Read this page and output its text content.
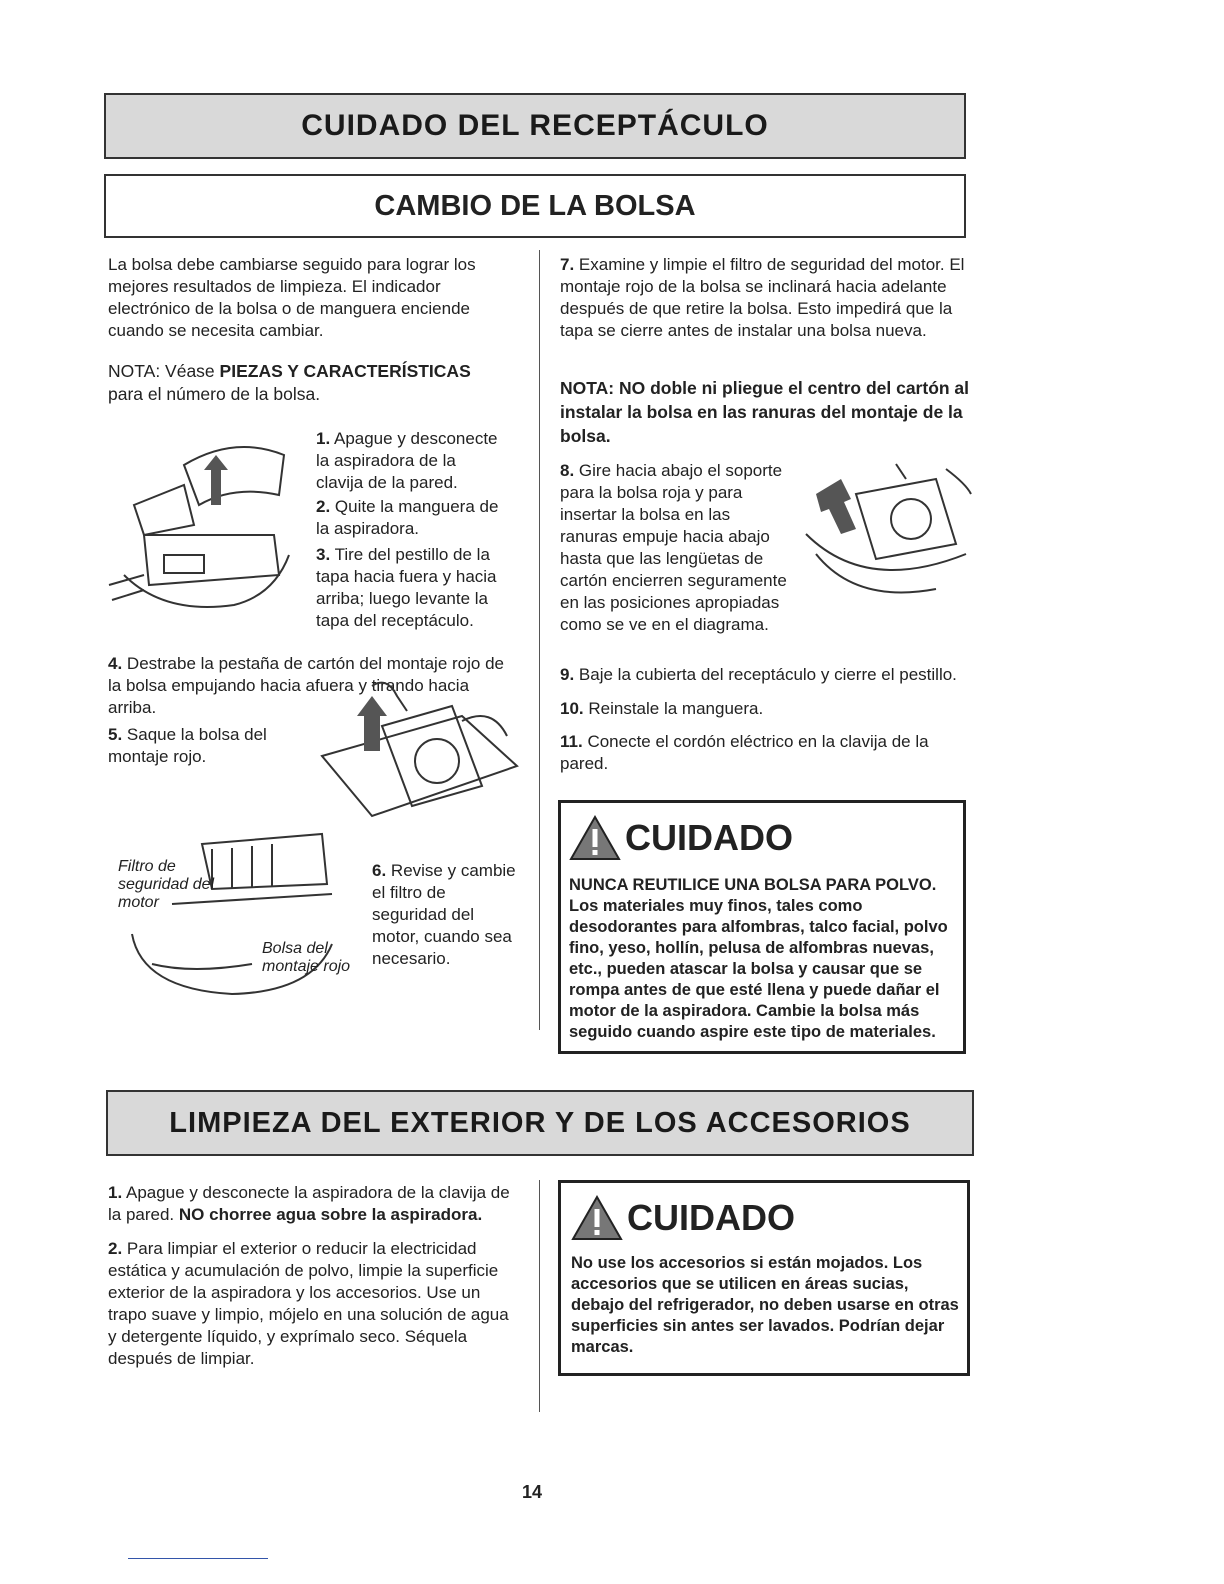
CUIDADO DEL RECEPTÁCULO
CAMBIO DE LA BOLSA

La bolsa debe cambiarse seguido para lograr los mejores resultados de limpieza. El indicador electrónico de la bolsa o de manguera enciende cuando se necesita cambiar.

NOTA: Véase PIEZAS Y CARACTERÍSTICAS para el número de la bolsa.

1. Apague y desconecte la aspiradora de la clavija de la pared.

2. Quite la manguera de la aspiradora.

3. Tire del pestillo de la tapa hacia fuera y hacia arriba; luego levante la tapa del receptáculo.

4. Destrabe la pestaña de cartón del montaje rojo de la bolsa empujando hacia afuera y tirando hacia arriba.

5. Saque la bolsa del montaje rojo.

Filtro de seguridad del motor

Bolsa del montaje rojo

6. Revise y cambie el filtro de seguridad del motor, cuando sea necesario.

7. Examine y limpie el filtro de seguridad del motor. El montaje rojo de la bolsa se inclinará hacia adelante después de que retire la bolsa. Esto impedirá que la tapa se cierre antes de instalar una bolsa nueva.

NOTA: NO doble ni pliegue el centro del cartón al instalar la bolsa en las ranuras del montaje de la bolsa.

8. Gire hacia abajo el soporte para la bolsa roja y para insertar la bolsa en las ranuras empuje hacia abajo hasta que las lengüetas de cartón encierren seguramente en las posiciones apropiadas como se ve en el diagrama.

9. Baje la cubierta del receptáculo y cierre el pestillo.

10. Reinstale la manguera.

11. Conecte el cordón eléctrico en la clavija de la pared.

CUIDADO

NUNCA REUTILICE UNA BOLSA PARA POLVO.

Los materiales muy finos, tales como desodorantes para alfombras, talco facial, polvo fino, yeso, hollín, pelusa de alfombras nuevas, etc., pueden atascar la bolsa y causar que se rompa antes de que esté llena y puede dañar el motor de la aspiradora. Cambie la bolsa más seguido cuando aspire este tipo de materiales.

LIMPIEZA DEL EXTERIOR Y DE LOS ACCESORIOS

1. Apague y desconecte la aspiradora de la clavija de la pared. NO chorree agua sobre la aspiradora.

2. Para limpiar el exterior o reducir la electricidad estática y acumulación de polvo, limpie la superficie exterior de la aspiradora y los accesorios. Use un trapo suave y limpio, mójelo en una solución de agua y detergente líquido, y exprímalo seco. Séquela después de limpiar.

CUIDADO

No use los accesorios si están mojados. Los accesorios que se utilicen en áreas sucias, debajo del refrigerador, no deben usarse en otras superficies sin antes ser lavados. Podrían dejar marcas.

14
